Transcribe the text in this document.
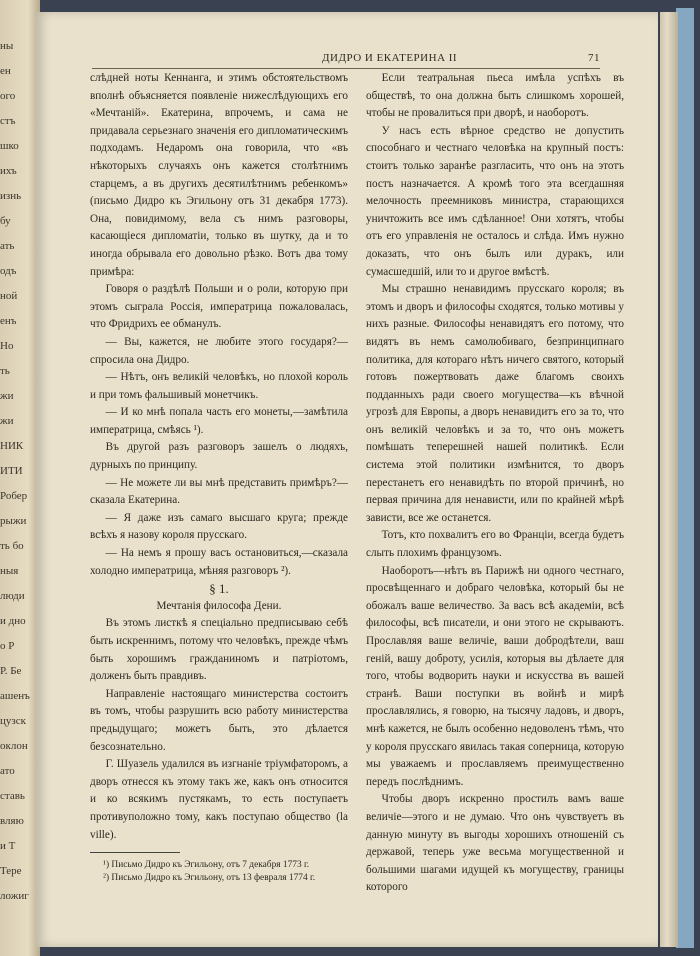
ны
ен
ого
стъ
шко
ихъ
изнь
бу
ать
одъ
ной
енъ
Но
ть
жи
жи
НИК
ИТИ
Робер
рыжи
ть бо
ныя
люди
и дно
о Р
Р. Бе
ашенъ
цузск
оклон
ато
ставь
вляю
и Т
Тере
ложиг
ДИДРО И ЕКАТЕРИНА II	71

слѣдней ноты Кеннанга, и этимъ обстоятельствомъ вполнѣ объясняется появленіе нижеслѣдующихъ его «Мечтаній». Екатерина, впрочемъ, и сама не придавала серьезнаго значенія его дипломатическимъ подходамъ. Недаромъ она говорила, что «въ нѣкоторыхъ случаяхъ онъ кажется столѣтнимъ старцемъ, а въ другихъ десятилѣтнимъ ребенкомъ» (письмо Дидро къ Эгильону отъ 31 декабря 1773). Она, повидимому, вела съ нимъ разговоры, касающіеся дипломатіи, только въ шутку, да и то иногда обрывала его довольно рѣзко. Вотъ два тому примѣра:

Говоря о раздѣлѣ Польши и о роли, которую при этомъ сыграла Россія, императрица пожаловалась, что Фридрихъ ее обманулъ.

— Вы, кажется, не любите этого государя?—спросила она Дидро.

— Нѣтъ, онъ великій человѣкъ, но плохой король и при томъ фальшивый монетчикъ.

— И ко мнѣ попала часть его монеты,—замѣтила императрица, смѣясь ¹).

Въ другой разъ разговоръ зашелъ о людяхъ, дурныхъ по принципу.

— Не можете ли вы мнѣ представить примѣръ?—сказала Екатерина.

— Я даже изъ самаго высшаго круга; прежде всѣхъ я назову короля прусскаго.

— На немъ я прошу васъ остановиться,—сказала холодно императрица, мѣняя разговоръ ²).

§ 1.

Мечтанія философа Дени.

Въ этомъ листкѣ я спеціально предписываю себѣ быть искреннимъ, потому что человѣкъ, прежде чѣмъ быть хорошимъ гражданиномъ и патріотомъ, долженъ быть правдивъ.

Направленіе настоящаго министерства состоитъ въ томъ, чтобы разрушить всю работу министерства предыдущаго; можетъ быть, это дѣлается безсознательно.

Г. Шуазель удалился въ изгнаніе тріумфаторомъ, а дворъ отнесся къ этому такъ же, какъ онъ относится и ко всякимъ пустякамъ, то есть поступаетъ противуположно тому, какъ поступаю общество (la ville).

¹) Письмо Дидро къ Эгильону, отъ 7 декабря 1773 г.

²) Письмо Дидро къ Эгильону, отъ 13 февраля 1774 г.

Если театральная пьеса имѣла успѣхъ въ обществѣ, то она должна быть слишкомъ хорошей, чтобы не провалиться при дворѣ, и наоборотъ.

У насъ есть вѣрное средство не допустить способнаго и честнаго человѣка на крупный постъ: стоитъ только заранѣе разгласить, что онъ на этотъ постъ назначается. А кромѣ того эта всегдашняя мелочность преемниковъ министра, старающихся уничтожить все имъ сдѣланное! Они хотятъ, чтобы отъ его управленія не осталось и слѣда. Имъ нужно доказать, что онъ былъ или дуракъ, или сумасшедшій, или то и другое вмѣстѣ.

Мы страшно ненавидимъ прусскаго короля; въ этомъ и дворъ и философы сходятся, только мотивы у нихъ разные. Философы ненавидятъ его потому, что видятъ въ немъ самолюбиваго, безпринципнаго политика, для котораго нѣтъ ничего святого, который готовъ пожертвовать даже благомъ своихъ подданныхъ ради своего могущества—къ вѣчной угрозѣ для Европы, а дворъ ненавидитъ его за то, что онъ великій человѣкъ и за то, что онъ можетъ помѣшать теперешней нашей политикѣ. Если система этой политики измѣнится, то дворъ перестанетъ его ненавидѣть по второй причинѣ, но первая причина для ненависти, или по крайней мѣрѣ зависти, все же останется.

Тотъ, кто похвалитъ его во Франціи, всегда будетъ слыть плохимъ французомъ.

Наоборотъ—нѣтъ въ Парижѣ ни одного честнаго, просвѣщеннаго и добраго человѣка, который бы не обожалъ ваше величество. За васъ всѣ академіи, всѣ философы, всѣ писатели, и они этого не скрываютъ. Прославляя ваше величіе, ваши добродѣтели, ваш геній, вашу доброту, усилія, которыя вы дѣлаете для того, чтобы водворить науки и искусства въ вашей странѣ. Ваши поступки въ войнѣ и мирѣ прославлялись, я говорю, на тысячу ладовъ, и дворъ, мнѣ кажется, не былъ особенно недоволенъ тѣмъ, что у короля прусскаго явилась такая соперница, которую мы уважаемъ и прославляемъ преимущественно передъ послѣднимъ.

Чтобы дворъ искренно простилъ вамъ ваше величіе—этого и не думаю. Что онъ чувствуетъ въ данную минуту въ выгоды хорошихъ отношеній съ державой, теперь уже весьма могущественной и большими шагами идущей къ могуществу, границы которого
